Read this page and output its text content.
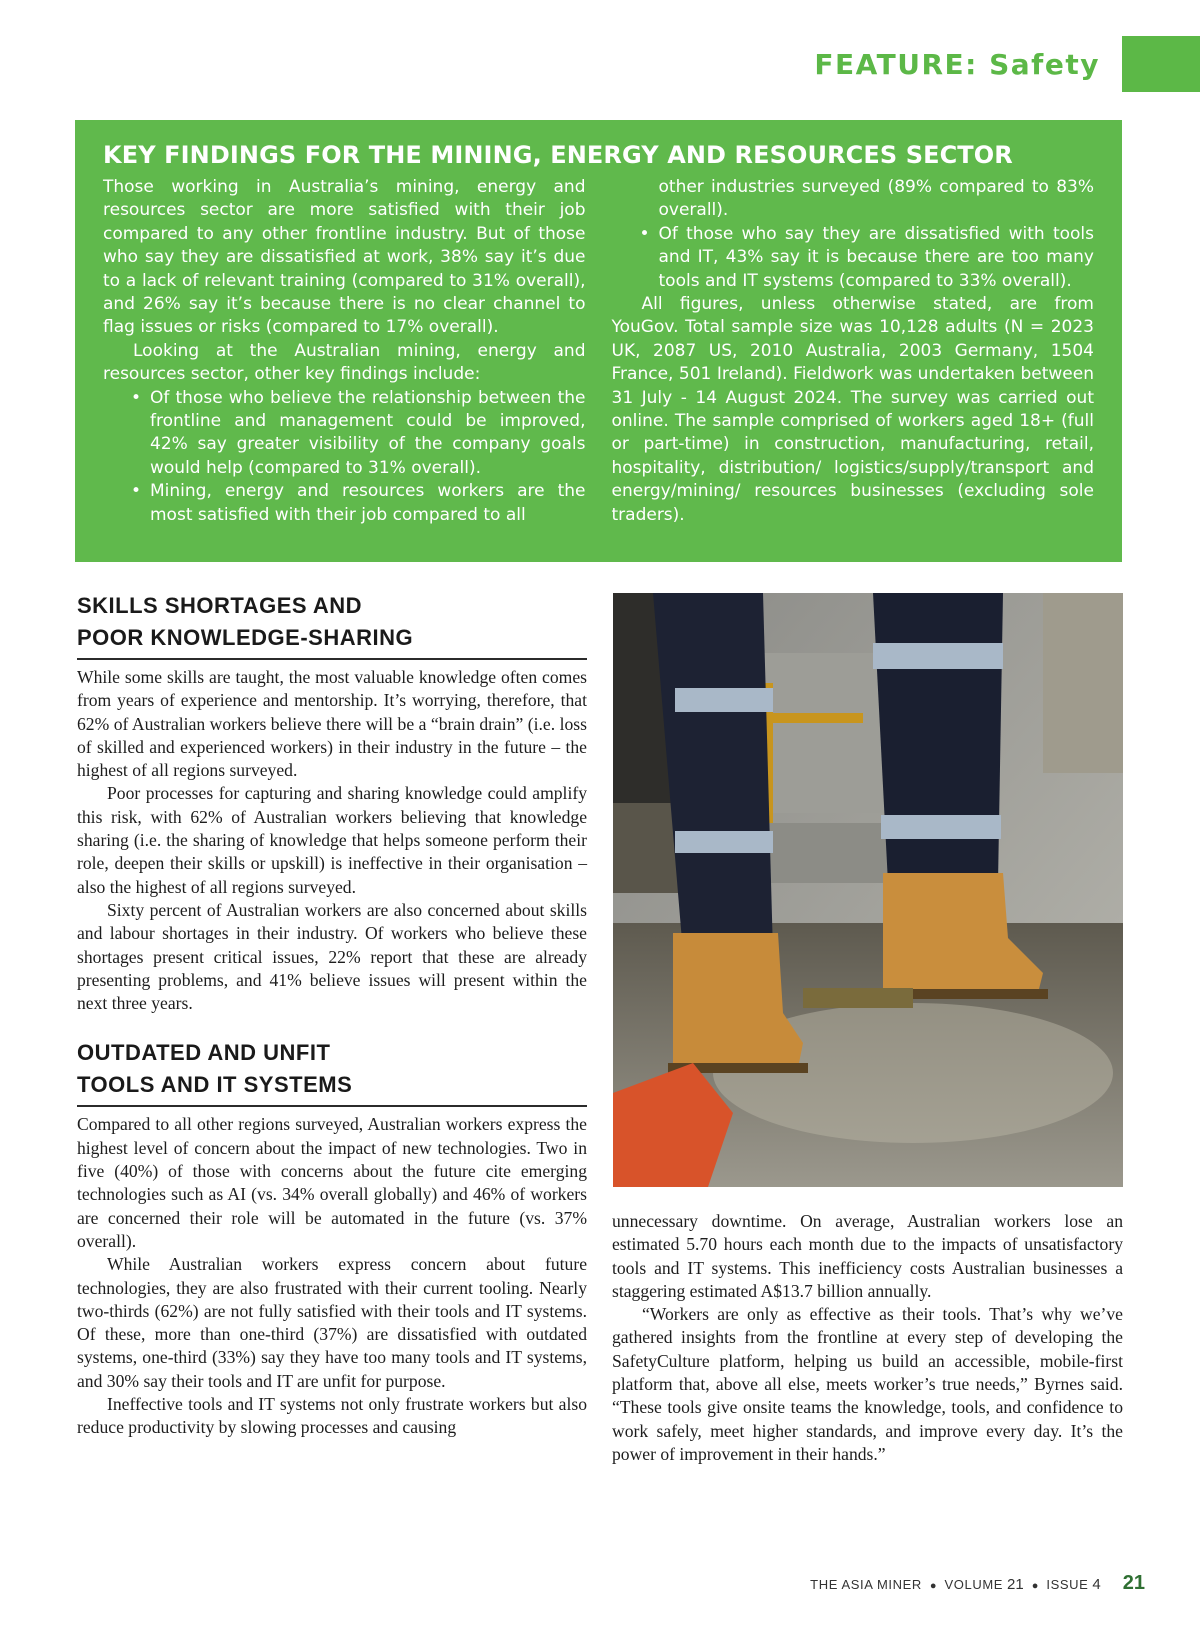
FEATURE: Safety
KEY FINDINGS FOR THE MINING, ENERGY AND RESOURCES SECTOR

Those working in Australia’s mining, energy and resources sector are more satisfied with their job compared to any other frontline industry. But of those who say they are dissatisfied at work, 38% say it’s due to a lack of relevant training (compared to 31% overall), and 26% say it’s because there is no clear channel to flag issues or risks (compared to 17% overall).

Looking at the Australian mining, energy and resources sector, other key findings include:

• Of those who believe the relationship between the frontline and management could be improved, 42% say greater visibility of the company goals would help (compared to 31% overall).
• Mining, energy and resources workers are the most satisfied with their job compared to all
other industries surveyed (89% compared to 83% overall).
• Of those who say they are dissatisfied with tools and IT, 43% say it is because there are too many tools and IT systems (compared to 33% overall).

All figures, unless otherwise stated, are from YouGov. Total sample size was 10,128 adults (N = 2023 UK, 2087 US, 2010 Australia, 2003 Germany, 1504 France, 501 Ireland). Fieldwork was undertaken between 31 July - 14 August 2024. The survey was carried out online. The sample comprised of workers aged 18+ (full or part-time) in construction, manufacturing, retail, hospitality, distribution/ logistics/supply/transport and energy/mining/ resources businesses (excluding sole traders).

SKILLS SHORTAGES AND
POOR KNOWLEDGE-SHARING

While some skills are taught, the most valuable knowledge often comes from years of experience and mentorship. It’s worrying, therefore, that 62% of Australian workers believe there will be a “brain drain” (i.e. loss of skilled and experienced workers) in their industry in the future – the highest of all regions surveyed.

Poor processes for capturing and sharing knowledge could amplify this risk, with 62% of Australian workers believing that knowledge sharing (i.e. the sharing of knowledge that helps someone perform their role, deepen their skills or upskill) is ineffective in their organisation – also the highest of all regions surveyed.

Sixty percent of Australian workers are also concerned about skills and labour shortages in their industry. Of workers who believe these shortages present critical issues, 22% report that these are already presenting problems, and 41% believe issues will present within the next three years.

OUTDATED AND UNFIT
TOOLS AND IT SYSTEMS

Compared to all other regions surveyed, Australian workers express the highest level of concern about the impact of new technologies. Two in five (40%) of those with concerns about the future cite emerging technologies such as AI (vs. 34% overall globally) and 46% of workers are concerned their role will be automated in the future (vs. 37% overall).

While Australian workers express concern about future technologies, they are also frustrated with their current tooling. Nearly two-thirds (62%) are not fully satisfied with their tools and IT systems. Of these, more than one-third (37%) are dissatisfied with outdated systems, one-third (33%) say they have too many tools and IT systems, and 30% say their tools and IT are unfit for purpose.

Ineffective tools and IT systems not only frustrate workers but also reduce productivity by slowing processes and causing

unnecessary downtime. On average, Australian workers lose an estimated 5.70 hours each month due to the impacts of unsatisfactory tools and IT systems. This inefficiency costs Australian businesses a staggering estimated A$13.7 billion annually.

“Workers are only as effective as their tools. That’s why we’ve gathered insights from the frontline at every step of developing the SafetyCulture platform, helping us build an accessible, mobile-first platform that, above all else, meets worker’s true needs,” Byrnes said. “These tools give onsite teams the knowledge, tools, and confidence to work safely, meet higher standards, and improve every day. It’s the power of improvement in their hands.”

THE ASIA MINER ● VOLUME 21 ● ISSUE 4 21
